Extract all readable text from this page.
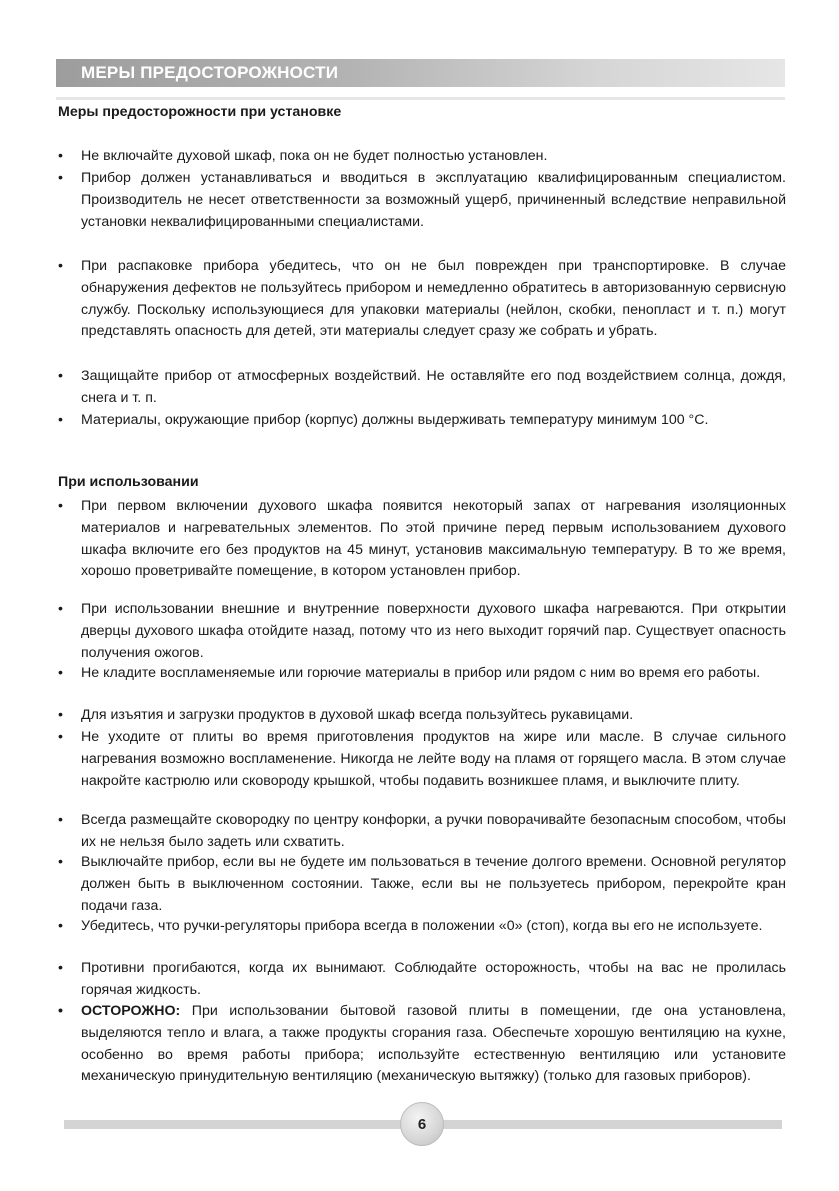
МЕРЫ ПРЕДОСТОРОЖНОСТИ
Меры предосторожности при установке
•	Не включайте духовой шкаф, пока он не будет полностью установлен.
•	Прибор должен устанавливаться и вводиться в эксплуатацию квалифицированным специалистом. Производитель не несет ответственности за возможный ущерб, причиненный вследствие неправильной установки неквалифицированными специалистами.
•	При распаковке прибора убедитесь, что он не был поврежден при транспортировке. В случае обнаружения дефектов не пользуйтесь прибором и немедленно обратитесь в авторизованную сервисную службу. Поскольку использующиеся для упаковки материалы (нейлон, скобки, пенопласт и т. п.) могут представлять опасность для детей, эти материалы следует сразу же собрать и убрать.
•	Защищайте прибор от атмосферных воздействий. Не оставляйте его под воздействием солнца, дождя, снега и т. п.
•	Материалы, окружающие прибор (корпус) должны выдерживать температуру минимум 100 °С.
При использовании
•	При первом включении духового шкафа появится некоторый запах от нагревания изоляционных материалов и нагревательных элементов. По этой причине перед первым использованием духового шкафа включите его без продуктов на 45 минут, установив максимальную температуру. В то же время, хорошо проветривайте помещение, в котором установлен прибор.
•	При использовании внешние и внутренние поверхности духового шкафа нагреваются. При открытии дверцы духового шкафа отойдите назад, потому что из него выходит горячий пар. Существует опасность получения ожогов.
•	Не кладите воспламеняемые или горючие материалы в прибор или рядом с ним во время его работы.
•	Для изъятия и загрузки продуктов в духовой шкаф всегда пользуйтесь рукавицами.
•	Не уходите от плиты во время приготовления продуктов на жире или масле. В случае сильного нагревания возможно воспламенение. Никогда не лейте воду на пламя от горящего масла. В этом случае накройте кастрюлю или сковороду крышкой, чтобы подавить возникшее пламя, и выключите плиту.
•	Всегда размещайте сковородку по центру конфорки, а ручки поворачивайте безопасным способом, чтобы их не нельзя было задеть или схватить.
•	Выключайте прибор, если вы не будете им пользоваться в течение долгого времени. Основной регулятор должен быть в выключенном состоянии. Также, если вы не пользуетесь прибором, перекройте кран подачи газа.
•	Убедитесь, что ручки-регуляторы прибора всегда в положении «0» (стоп), когда вы его не используете.
•	Противни прогибаются, когда их вынимают. Соблюдайте осторожность, чтобы на вас не пролилась горячая жидкость.
•	ОСТОРОЖНО: При использовании бытовой газовой плиты в помещении, где она установлена, выделяются тепло и влага, а также продукты сгорания газа. Обеспечьте хорошую вентиляцию на кухне, особенно во время работы прибора; используйте естественную вентиляцию или установите механическую принудительную вентиляцию (механическую вытяжку) (только для газовых приборов).
6
